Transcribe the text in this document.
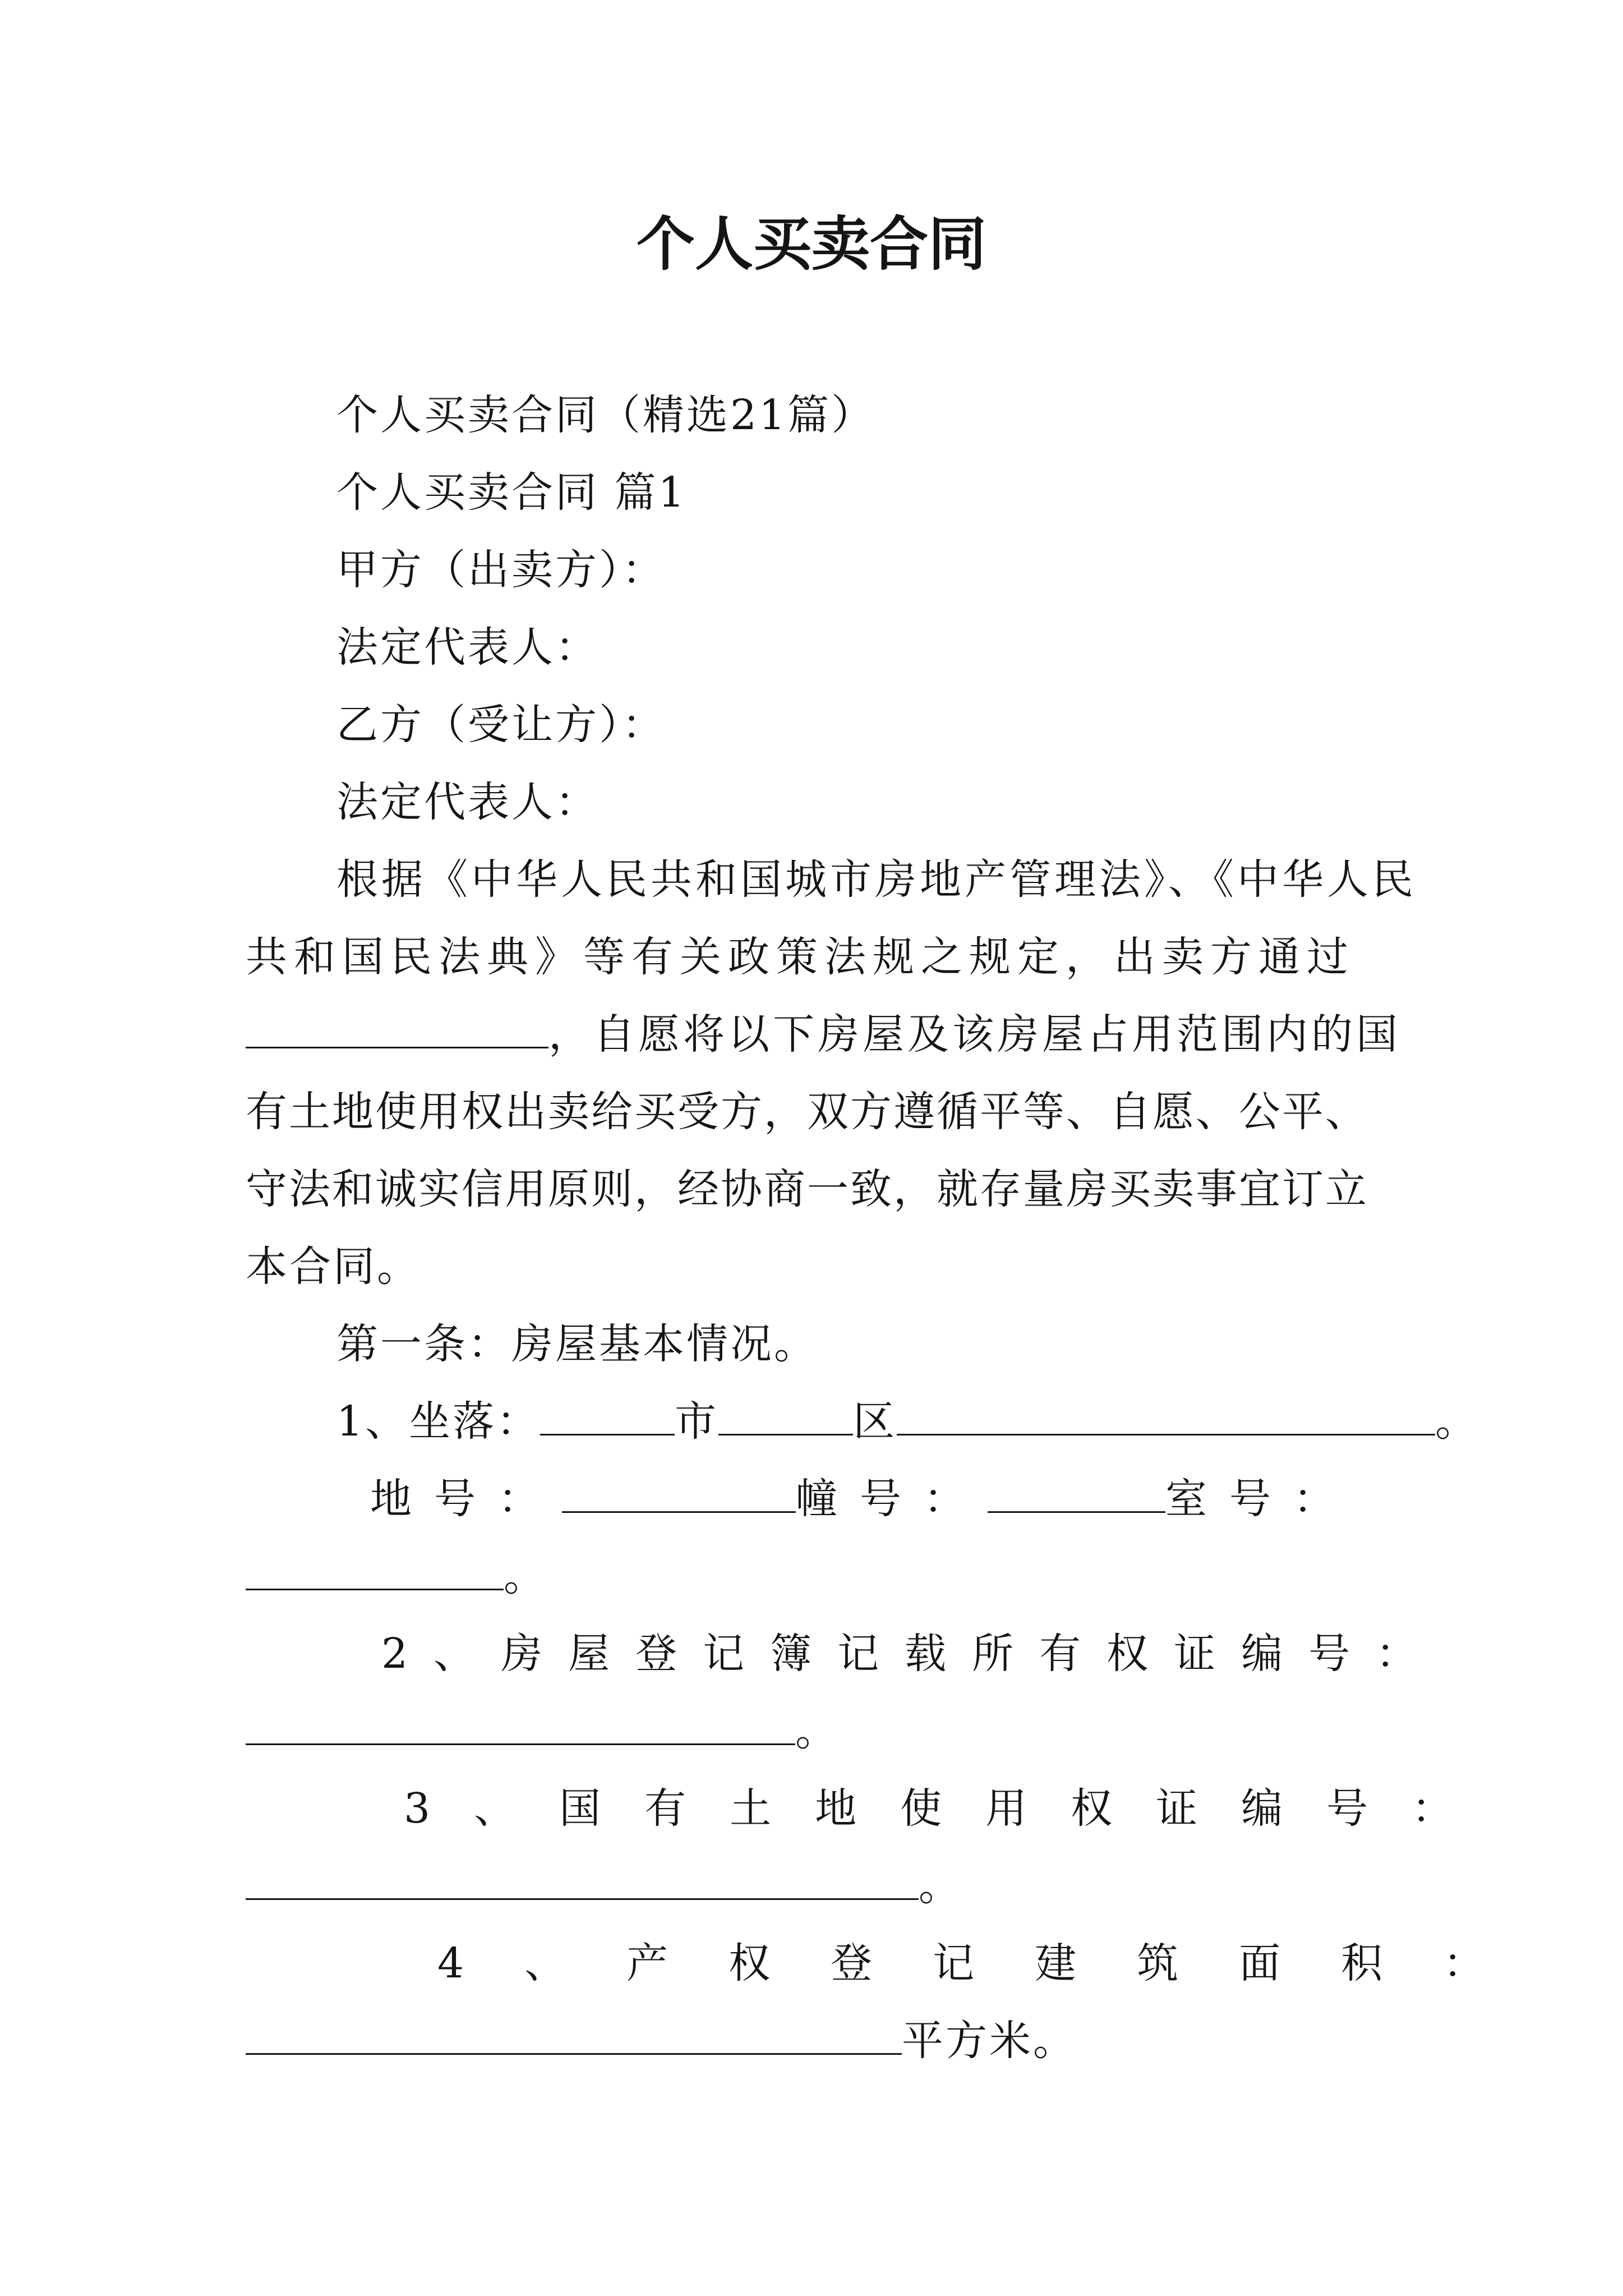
个人买卖合同
个人买卖合同（精选21篇）
个人买卖合同 篇1
甲方（出卖方）：
法定代表人：
乙方（受让方）：
法定代表人：
根据《中华人民共和国城市房地产管理法》、《中华人民
共和国民法典》等有关政策法规之规定，出卖方通过
，自愿将以下房屋及该房屋占用范围内的国
有土地使用权出卖给买受方，双方遵循平等、自愿、公平、
守法和诚实信用原则，经协商一致，就存量房买卖事宜订立
本合同。
第一条：房屋基本情况。
1、坐落：	市	区	。
地号：	幢号：	室号：
。
2、房屋登记簿记载所有权证编号：
。
3、国有土地使用权证编号：
。
4、产权登记建筑面积：
平方米。
